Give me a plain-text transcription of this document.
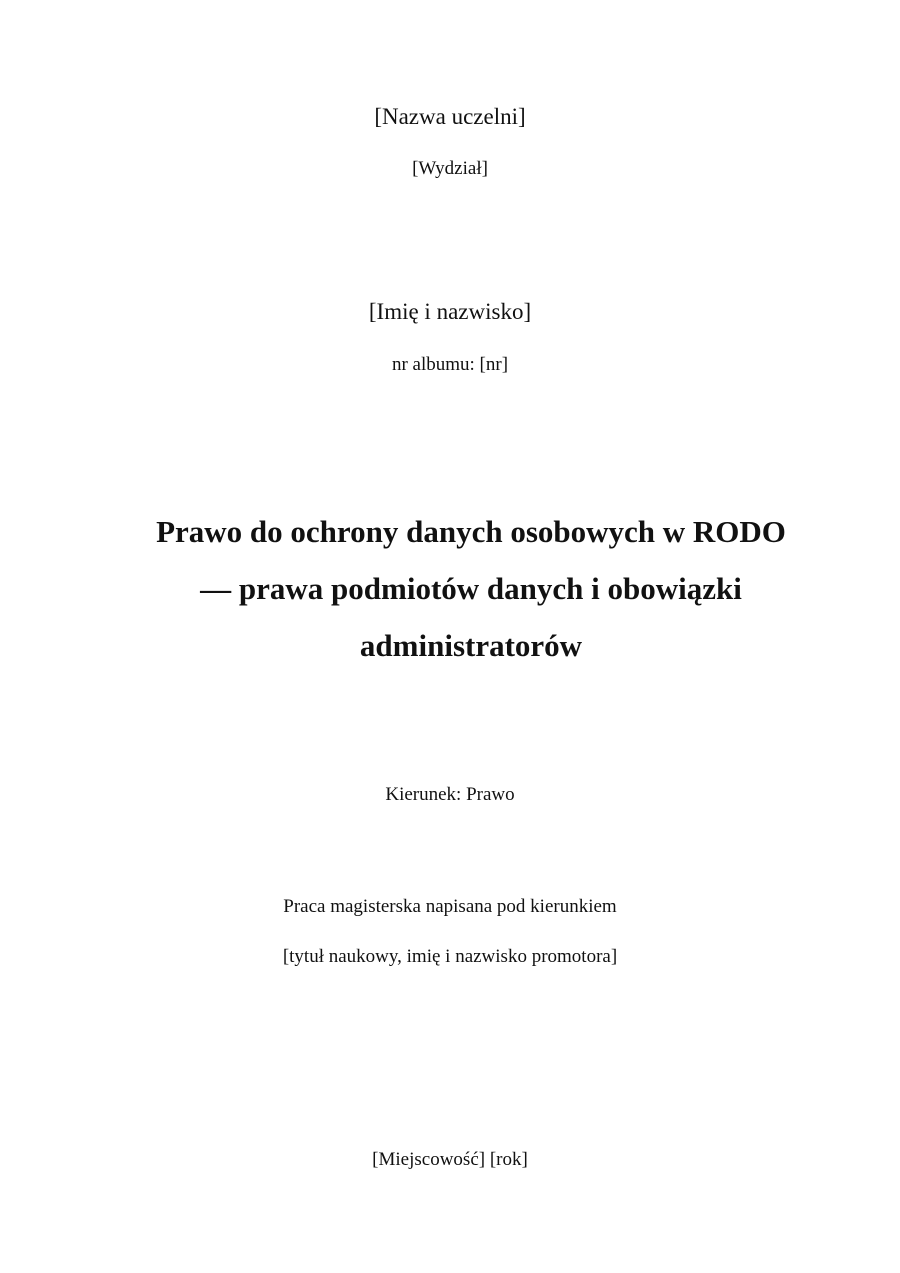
[Nazwa uczelni]
[Wydział]
[Imię i nazwisko]
nr albumu: [nr]
Prawo do ochrony danych osobowych w RODO
— prawa podmiotów danych i obowiązki
administratorów
Kierunek: Prawo
Praca magisterska napisana pod kierunkiem
[tytuł naukowy, imię i nazwisko promotora]
[Miejscowość] [rok]
